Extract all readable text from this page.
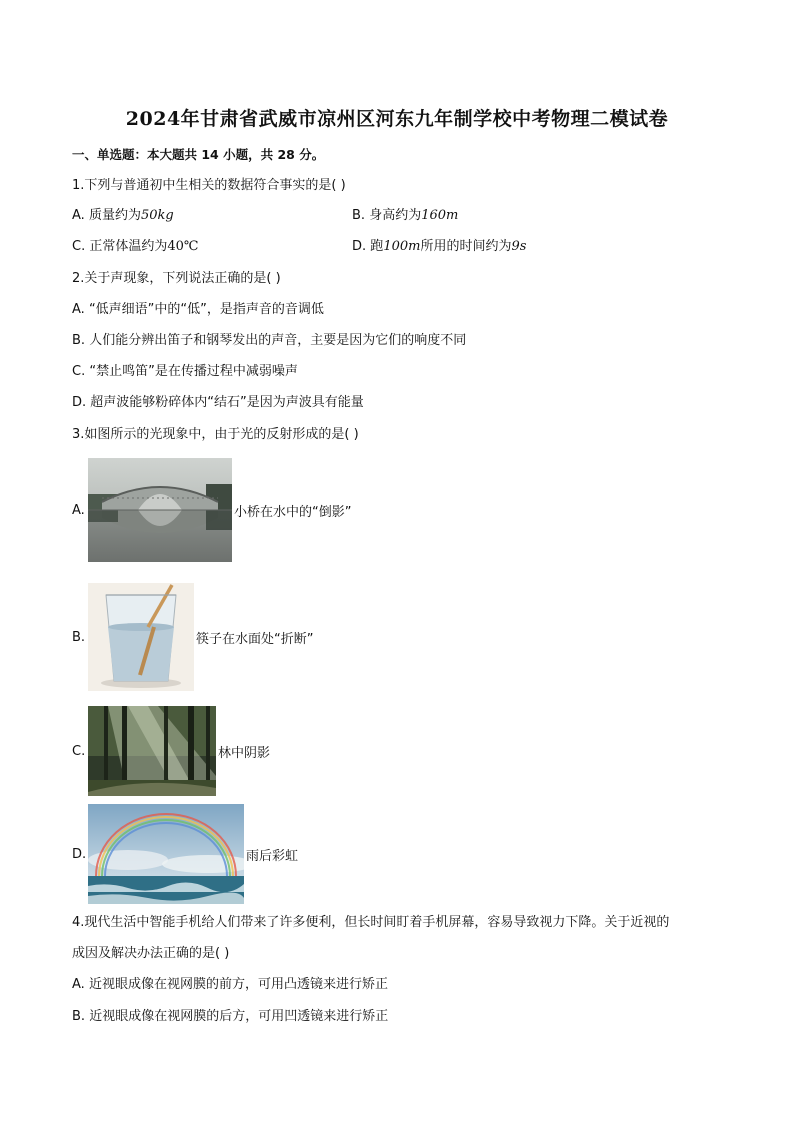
2024年甘肃省武威市凉州区河东九年制学校中考物理二模试卷
一、单选题：本大题共 14 小题，共 28 分。
1.下列与普通初中生相关的数据符合事实的是( )
A. 质量约为50kg	B. 身高约为160m
C. 正常体温约为40℃	D. 跑100m所用的时间约为9s
2.关于声现象，下列说法正确的是( )
A. “低声细语”中的“低”，是指声音的音调低
B. 人们能分辨出笛子和钢琴发出的声音，主要是因为它们的响度不同
C. “禁止鸣笛”是在传播过程中减弱噪声
D. 超声波能够粉碎体内“结石”是因为声波具有能量
3.如图所示的光现象中，由于光的反射形成的是( )
A.	小桥在水中的“倒影”
B.	筷子在水面处“折断”
C.	林中阴影
D.	雨后彩虹
4.现代生活中智能手机给人们带来了许多便利，但长时间盯着手机屏幕，容易导致视力下降。关于近视的
成因及解决办法正确的是( )
A. 近视眼成像在视网膜的前方，可用凸透镜来进行矫正
B. 近视眼成像在视网膜的后方，可用凹透镜来进行矫正
